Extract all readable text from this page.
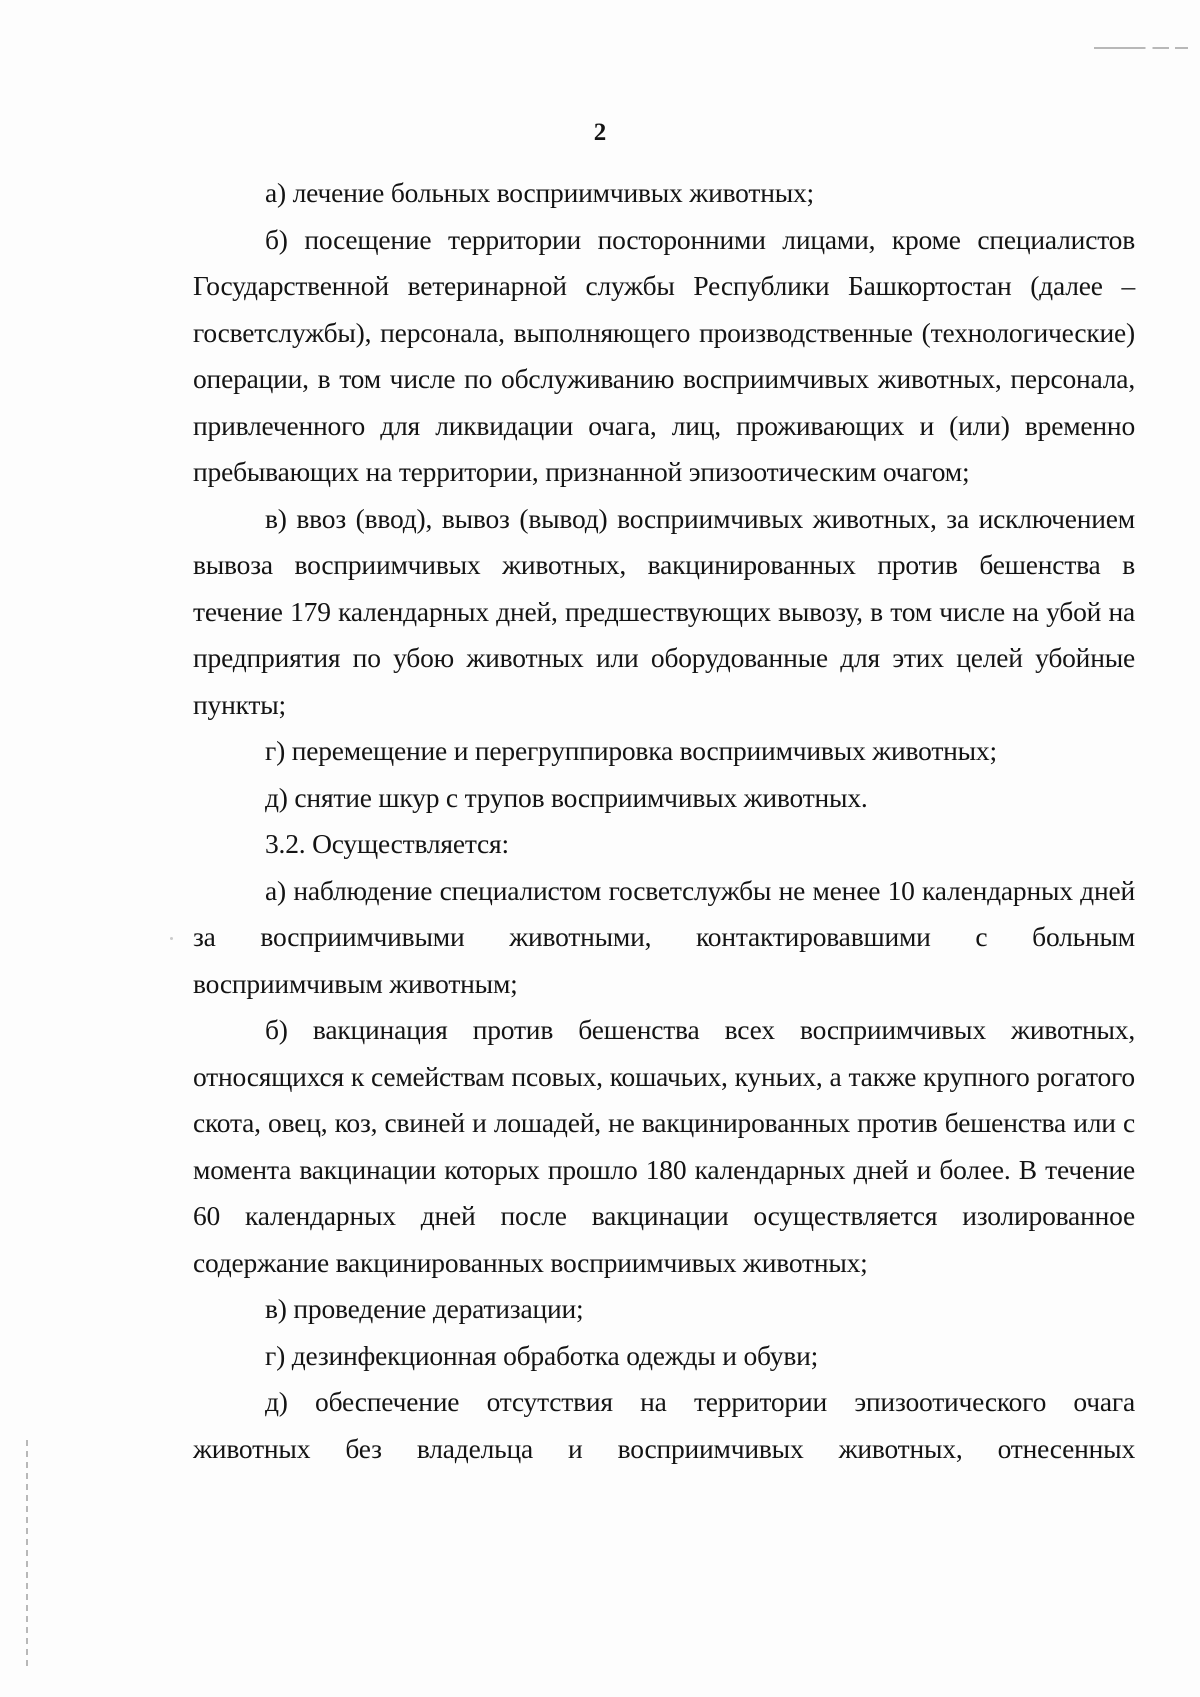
2

а) лечение больных восприимчивых животных;

б) посещение территории посторонними лицами, кроме специалистов Государственной ветеринарной службы Республики Башкортостан (далее – госветслужбы), персонала, выполняющего производственные (технологические) операции, в том числе по обслуживанию восприимчивых животных, персонала, привлеченного для ликвидации очага, лиц, проживающих и (или) временно пребывающих на территории, признанной эпизоотическим очагом;

в) ввоз (ввод), вывоз (вывод) восприимчивых животных, за исключением вывоза восприимчивых животных, вакцинированных против бешенства в течение 179 календарных дней, предшествующих вывозу, в том числе на убой на предприятия по убою животных или оборудованные для этих целей убойные пункты;

г) перемещение и перегруппировка восприимчивых животных;

д) снятие шкур с трупов восприимчивых животных.

3.2. Осуществляется:

а) наблюдение специалистом госветслужбы не менее 10 календарных дней за восприимчивыми животными, контактировавшими с больным восприимчивым животным;

б) вакцинация против бешенства всех восприимчивых животных, относящихся к семействам псовых, кошачьих, куньих, а также крупного рогатого скота, овец, коз, свиней и лошадей, не вакцинированных против бешенства или с момента вакцинации которых прошло 180 календарных дней и более. В течение 60 календарных дней после вакцинации осуществляется изолированное содержание вакцинированных восприимчивых животных;

в) проведение дератизации;

г) дезинфекционная обработка одежды и обуви;

д) обеспечение отсутствия на территории эпизоотического очага животных без владельца и восприимчивых животных, отнесенных
